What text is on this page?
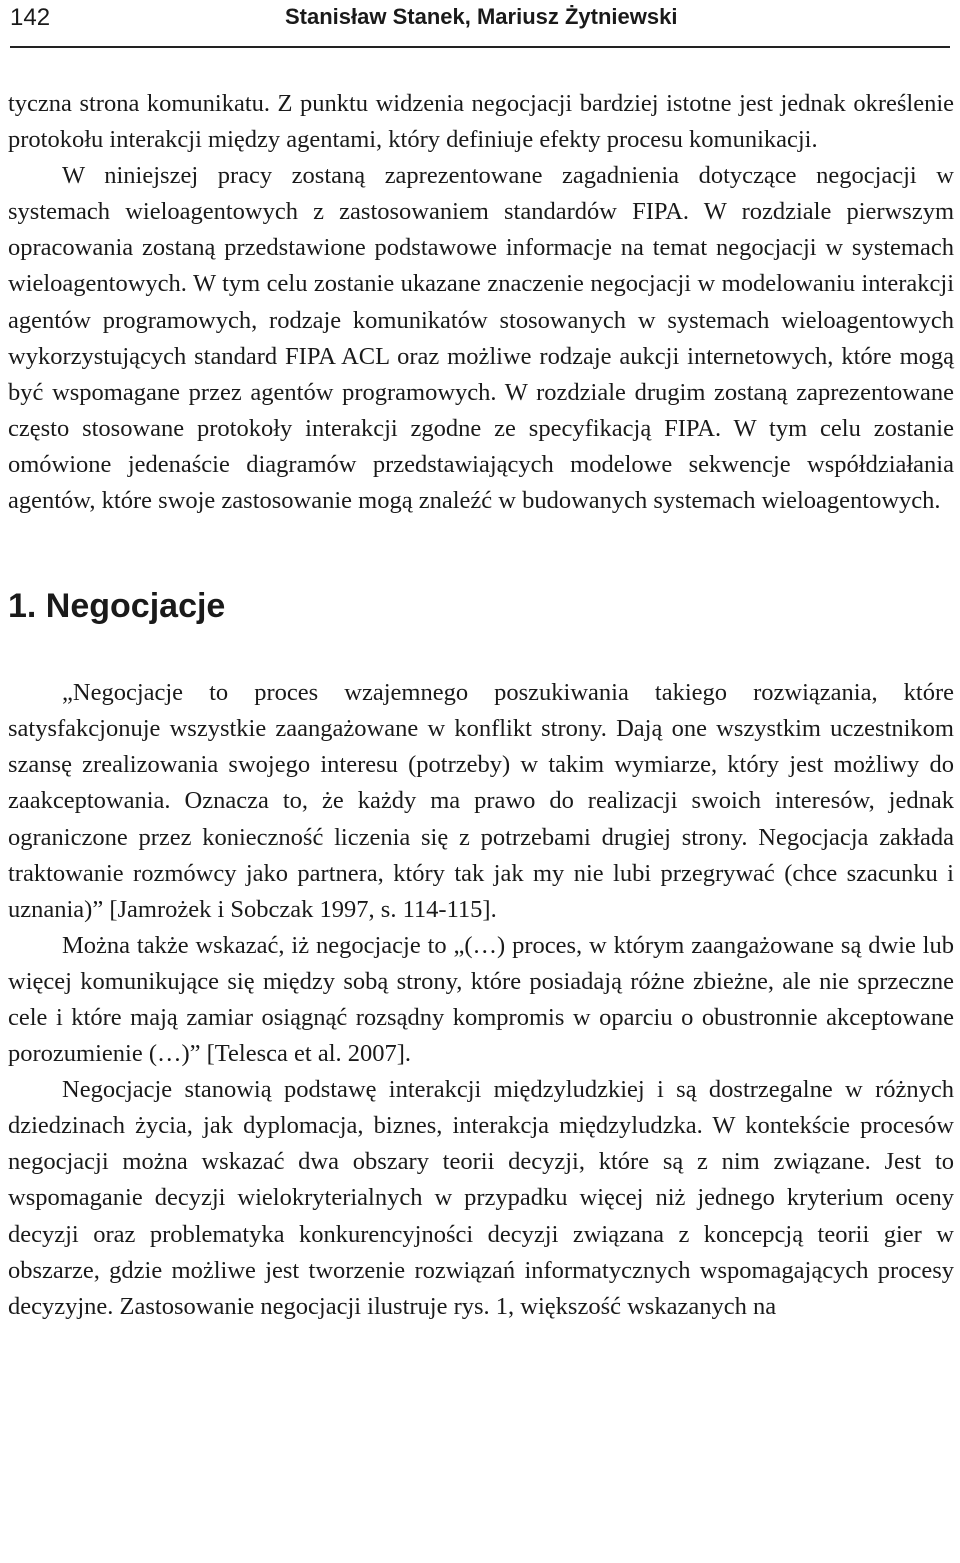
142	Stanisław Stanek, Mariusz Żytniewski

tyczna strona komunikatu. Z punktu widzenia negocjacji bardziej istotne jest jednak określenie protokołu interakcji między agentami, który definiuje efekty procesu komunikacji.

W niniejszej pracy zostaną zaprezentowane zagadnienia dotyczące negocjacji w systemach wieloagentowych z zastosowaniem standardów FIPA. W rozdziale pierwszym opracowania zostaną przedstawione podstawowe informacje na temat negocjacji w systemach wieloagentowych. W tym celu zostanie ukazane znaczenie negocjacji w modelowaniu interakcji agentów programowych, rodzaje komunikatów stosowanych w systemach wieloagentowych wykorzystujących standard FIPA ACL oraz możliwe rodzaje aukcji internetowych, które mogą być wspomagane przez agentów programowych. W rozdziale drugim zostaną zaprezentowane często stosowane protokoły interakcji zgodne ze specyfikacją FIPA. W tym celu zostanie omówione jedenaście diagramów przedstawiających modelowe sekwencje współdziałania agentów, które swoje zastosowanie mogą znaleźć w budowanych systemach wieloagentowych.

1. Negocjacje

„Negocjacje to proces wzajemnego poszukiwania takiego rozwiązania, które satysfakcjonuje wszystkie zaangażowane w konflikt strony. Dają one wszystkim uczestnikom szansę zrealizowania swojego interesu (potrzeby) w takim wymiarze, który jest możliwy do zaakceptowania. Oznacza to, że każdy ma prawo do realizacji swoich interesów, jednak ograniczone przez konieczność liczenia się z potrzebami drugiej strony. Negocjacja zakłada traktowanie rozmówcy jako partnera, który tak jak my nie lubi przegrywać (chce szacunku i uznania)” [Jamrożek i Sobczak 1997, s. 114-115].

Można także wskazać, iż negocjacje to „(…) proces, w którym zaangażowane są dwie lub więcej komunikujące się między sobą strony, które posiadają różne zbieżne, ale nie sprzeczne cele i które mają zamiar osiągnąć rozsądny kompromis w oparciu o obustronnie akceptowane porozumienie (…)” [Telesca et al. 2007].

Negocjacje stanowią podstawę interakcji międzyludzkiej i są dostrzegalne w różnych dziedzinach życia, jak dyplomacja, biznes, interakcja międzyludzka. W kontekście procesów negocjacji można wskazać dwa obszary teorii decyzji, które są z nim związane. Jest to wspomaganie decyzji wielokryterialnych w przypadku więcej niż jednego kryterium oceny decyzji oraz problematyka konkurencyjności decyzji związana z koncepcją teorii gier w obszarze, gdzie możliwe jest tworzenie rozwiązań informatycznych wspomagających procesy decyzyjne. Zastosowanie negocjacji ilustruje rys. 1, większość wskazanych na
